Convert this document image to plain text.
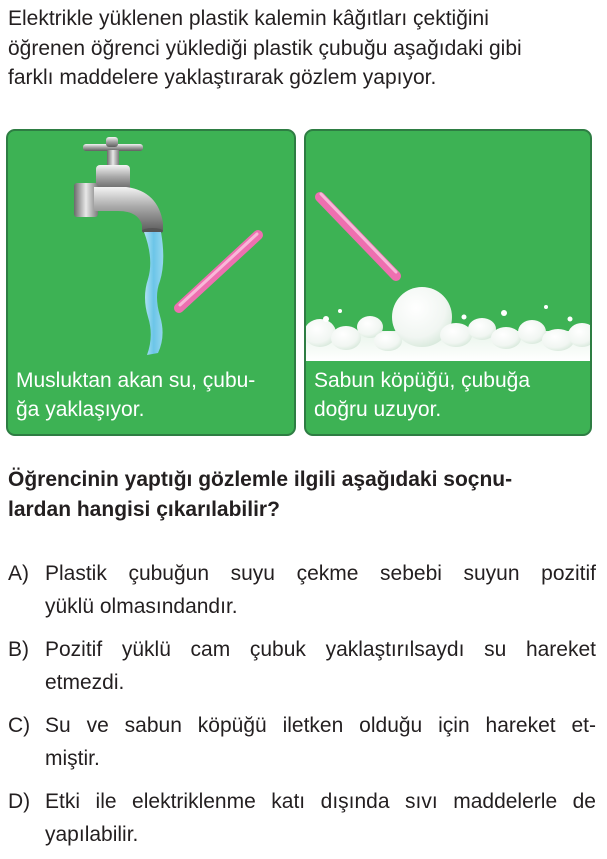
Elektrikle yüklenen plastik kalemin kâğıtları çektiğini
öğrenen öğrenci yüklediği plastik çubuğu aşağıdaki gibi
farklı maddelere yaklaştırarak gözlem yapıyor.
Musluktan akan su, çubu-
ğa yaklaşıyor.
Sabun köpüğü, çubuğa
doğru uzuyor.
Öğrencinin yaptığı gözlemle ilgili aşağıdaki soçnu-
lardan hangisi çıkarılabilir?
A) Plastik çubuğun suyu çekme sebebi suyun pozitif
yüklü olmasındandır.
B) Pozitif yüklü cam çubuk yaklaştırılsaydı su hareket
etmezdi.
C) Su ve sabun köpüğü iletken olduğu için hareket et-
miştir.
D) Etki ile elektriklenme katı dışında sıvı maddelerle de
yapılabilir.
